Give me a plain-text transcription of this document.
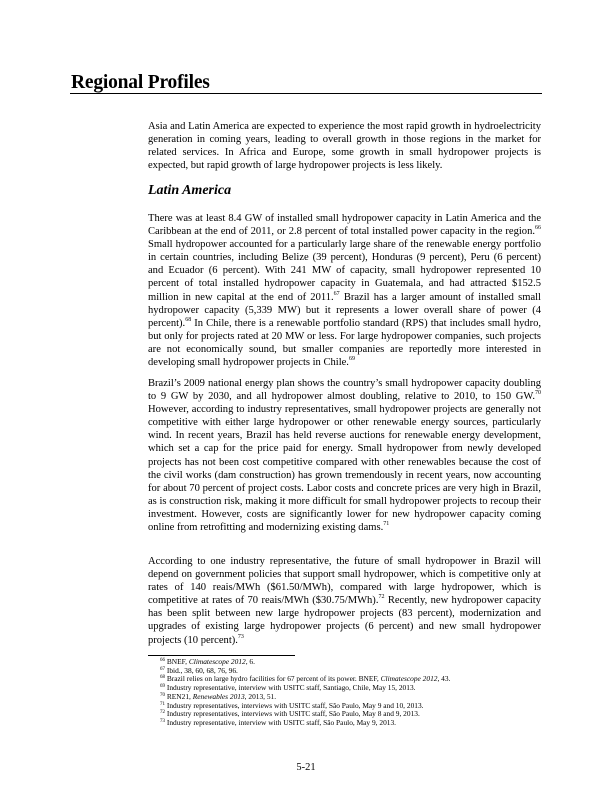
Regional Profiles

Asia and Latin America are expected to experience the most rapid growth in hydroelectricity generation in coming years, leading to overall growth in those regions in the market for related services. In Africa and Europe, some growth in small hydropower projects is expected, but rapid growth of large hydropower projects is less likely.

Latin America

There was at least 8.4 GW of installed small hydropower capacity in Latin America and the Caribbean at the end of 2011, or 2.8 percent of total installed power capacity in the region.$^{66}$ Small hydropower accounted for a particularly large share of the renewable energy portfolio in certain countries, including Belize (39 percent), Honduras (9 percent), Peru (6 percent) and Ecuador (6 percent). With 241 MW of capacity, small hydropower represented 10 percent of total installed hydropower capacity in Guatemala, and had attracted $152.5 million in new capital at the end of 2011.67 Brazil has a larger amount of installed small hydropower capacity (5,339 MW) but it represents a lower overall share of power (4 percent).$^{68}$ In Chile, there is a renewable portfolio standard (RPS) that includes small hydro, but only for projects rated at 20 MW or less. For large hydropower companies, such projects are not economically sound, but smaller companies are reportedly more interested in developing small hydropower projects in Chile.$^{69}$

Brazil’s 2009 national energy plan shows the country’s small hydropower capacity doubling to 9 GW by 2030, and all hydropower almost doubling, relative to 2010, to 150 GW.$^{70}$ However, according to industry representatives, small hydropower projects are generally not competitive with either large hydropower or other renewable energy sources, particularly wind. In recent years, Brazil has held reverse auctions for renewable energy development, which set a cap for the price paid for energy. Small hydropower from newly developed projects has not been cost competitive compared with other renewables because the cost of the civil works (dam construction) has grown tremendously in recent years, now accounting for about 70 percent of project costs. Labor costs and concrete prices are very high in Brazil, as is construction risk, making it more difficult for small hydropower projects to recoup their investment. However, costs are significantly lower for new hydropower capacity coming online from retrofitting and modernizing existing dams.$^{71}$

According to one industry representative, the future of small hydropower in Brazil will depend on government policies that support small hydropower, which is competitive only at rates of 140 reais/MWh ($61.50/MWh), compared with large hydropower, which is competitive at rates of 70 reais/MWh ($30.75/MWh).$^{72}$ Recently, new hydropower capacity has been split between new large hydropower projects (83 percent), modernization and upgrades of existing large hydropower projects (6 percent) and new small hydropower projects (10 percent).$^{73}$

$^{66}$ BNEF, Climatescope 2012, 6.
$^{67}$ Ibid., 38, 60, 68, 76, 96.
$^{68}$ Brazil relies on large hydro facilities for 67 percent of its power. BNEF, Climatescope 2012, 43.
$^{69}$ Industry representative, interview with USITC staff, Santiago, Chile, May 15, 2013.
$^{70}$ REN21, Renewables 2013, 2013, 51.
$^{71}$ Industry representatives, interviews with USITC staff, São Paulo, May 9 and 10, 2013.
$^{72}$ Industry representatives, interviews with USITC staff, São Paulo, May 8 and 9, 2013.
$^{73}$ Industry representative, interview with USITC staff, São Paulo, May 9, 2013.
5-21
